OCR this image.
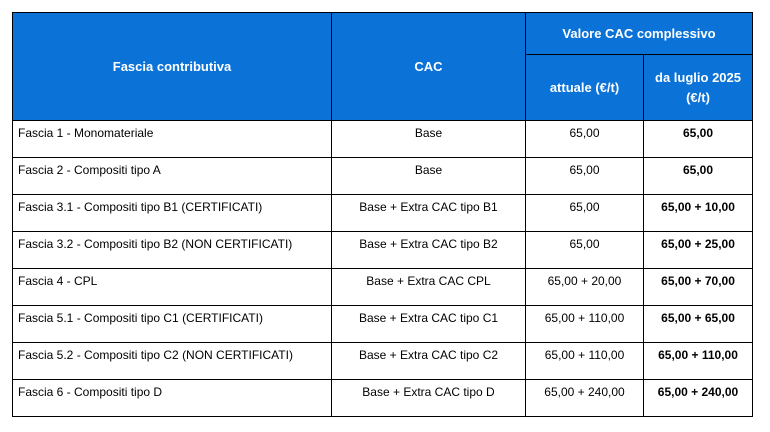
Fascia contributiva	CAC	Valore CAC complessivo	
		attuale (€/t)	da luglio 2025
(€/t)
Fascia 1 - Monomateriale	Base	65,00	65,00
Fascia 2 - Compositi tipo A	Base	65,00	65,00
Fascia 3.1 - Compositi tipo B1 (CERTIFICATI)	Base + Extra CAC tipo B1	65,00	65,00 + 10,00
Fascia 3.2 - Compositi tipo B2 (NON CERTIFICATI)	Base + Extra CAC tipo B2	65,00	65,00 + 25,00
Fascia 4 - CPL	Base + Extra CAC CPL	65,00 + 20,00	65,00 + 70,00
Fascia 5.1 - Compositi tipo C1 (CERTIFICATI)	Base + Extra CAC tipo C1	65,00 + 110,00	65,00 + 65,00
Fascia 5.2 - Compositi tipo C2 (NON CERTIFICATI)	Base + Extra CAC tipo C2	65,00 + 110,00	65,00 + 110,00
Fascia 6 - Compositi tipo D	Base + Extra CAC tipo D	65,00 + 240,00	65,00 + 240,00
